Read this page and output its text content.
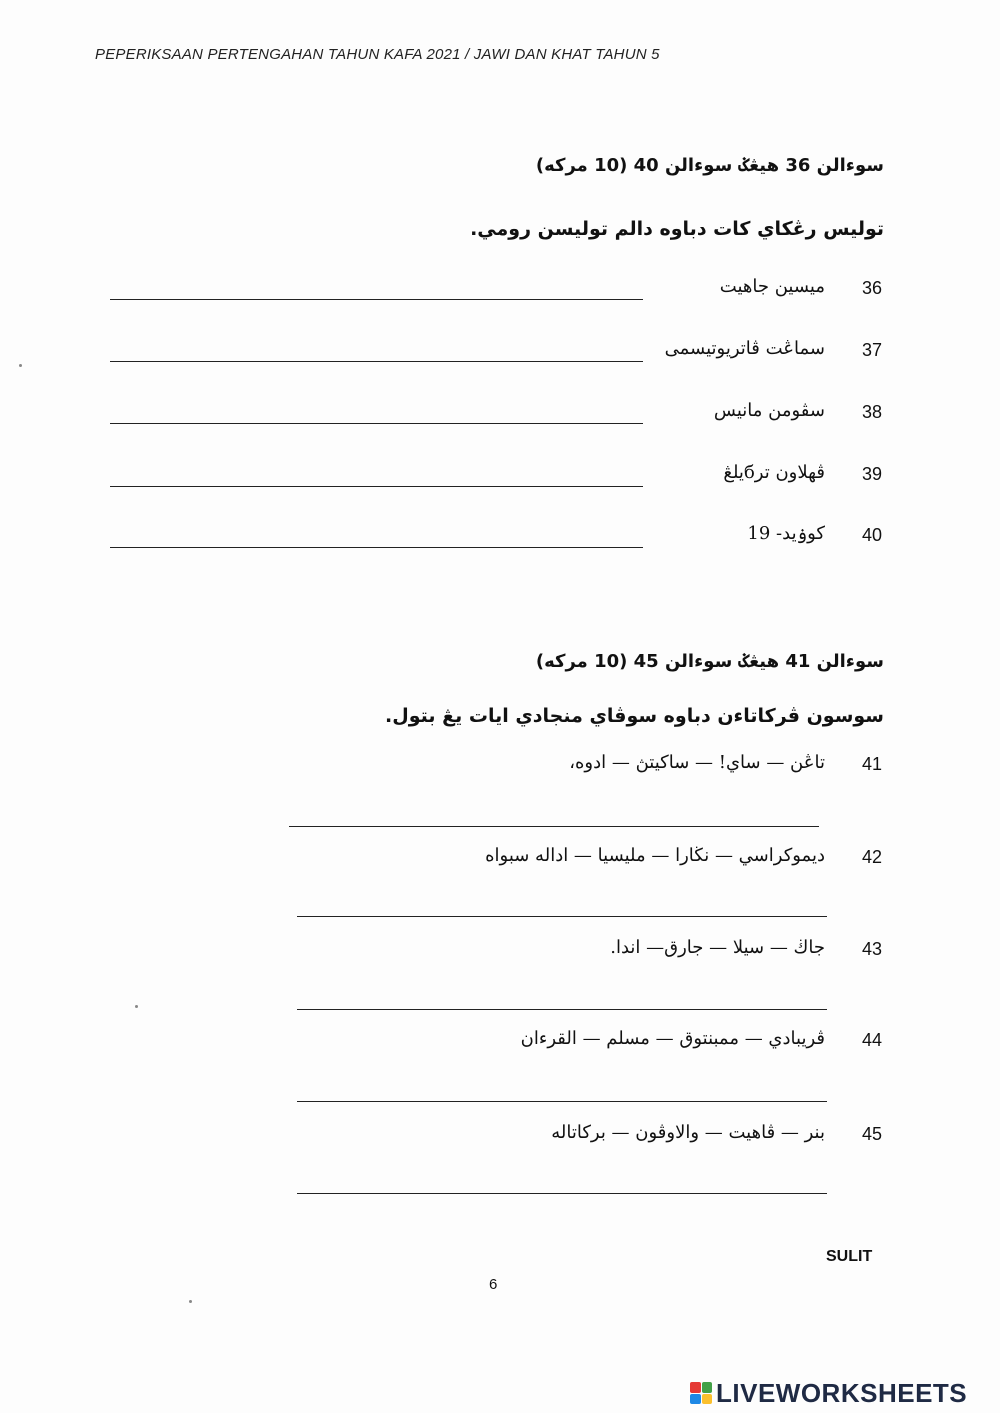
PEPERIKSAAN PERTENGAHAN TAHUN KAFA 2021 / JAWI DAN KHAT TAHUN 5
سوءالن 36 هيڠݢ سوءالن 40 (10 مركه)
توليس رڠكاي كات دباوه دالم توليسن رومي.
36
ميسين جاهيت
37
سماڠت ڤاتريوتيسمى
38
سڤومن مانيس
39
ڤهلاون ترбيلڠ
40
كوۏيد- 19
سوءالن 41 هيڠݢ سوءالن 45 (10 مركه)
سوسون ڤركاتاءن دباوه سوڤاي منجادي ايات يڠ بتول.
41
تاڠن — ساي! — ساكيتڽ — ادوه،
42
ديموكراسي — نڬارا — مليسيا — اداله سبواه
43
جاڬ — سيلا — جارق— اندا.
44
ڤريبادي — ممبنتوق — مسلم — القرءان
45
بنر — ڤاهيت — والاوڤون — بركاتاله
SULIT
6
LIVEWORKSHEETS
